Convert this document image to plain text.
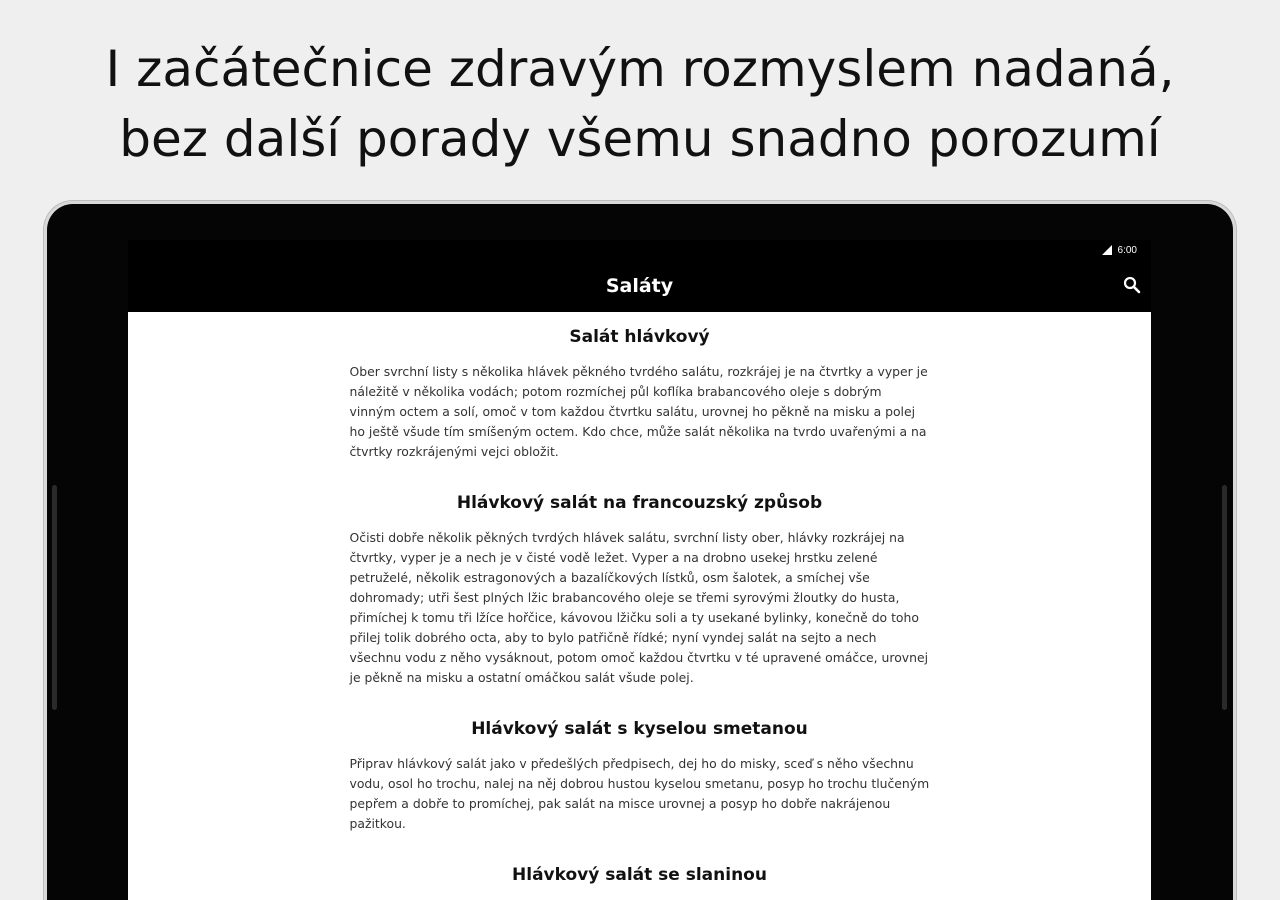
I začátečnice zdravým rozmyslem nadaná,
bez další porady všemu snadno porozumí
6:00
Saláty
Salát hlávkový

Ober svrchní listy s několika hlávek pěkného tvrdého salátu, rozkrájej je na čtvrtky a vyper je náležitě v několika vodách; potom rozmíchej půl koflíka brabancového oleje s dobrým vinným octem a solí, omoč v tom každou čtvrtku salátu, urovnej ho pěkně na misku a polej ho ještě všude tím smíšeným octem. Kdo chce, může salát několika na tvrdo uvařenými a na čtvrtky rozkrájenými vejci obložit.

Hlávkový salát na francouzský způsob

Očisti dobře několik pěkných tvrdých hlávek salátu, svrchní listy ober, hlávky rozkrájej na čtvrtky, vyper je a nech je v čisté vodě ležet. Vyper a na drobno usekej hrstku zelené petruželé, několik estragonových a bazalíčkových lístků, osm šalotek, a smíchej vše dohromady; utři šest plných lžic brabancového oleje se třemi syrovými žloutky do husta, přimíchej k tomu tři lžíce hořčice, kávovou lžičku soli a ty usekané bylinky, konečně do toho přilej tolik dobrého octa, aby to bylo patřičně řídké; nyní vyndej salát na sejto a nech všechnu vodu z něho vysáknout, potom omoč každou čtvrtku v té upravené omáčce, urovnej je pěkně na misku a ostatní omáčkou salát všude polej.

Hlávkový salát s kyselou smetanou

Připrav hlávkový salát jako v předešlých předpisech, dej ho do misky, sceď s něho všechnu vodu, osol ho trochu, nalej na něj dobrou hustou kyselou smetanu, posyp ho trochu tlučeným pepřem a dobře to promíchej, pak salát na misce urovnej a posyp ho dobře nakrájenou pažitkou.

Hlávkový salát se slaninou
